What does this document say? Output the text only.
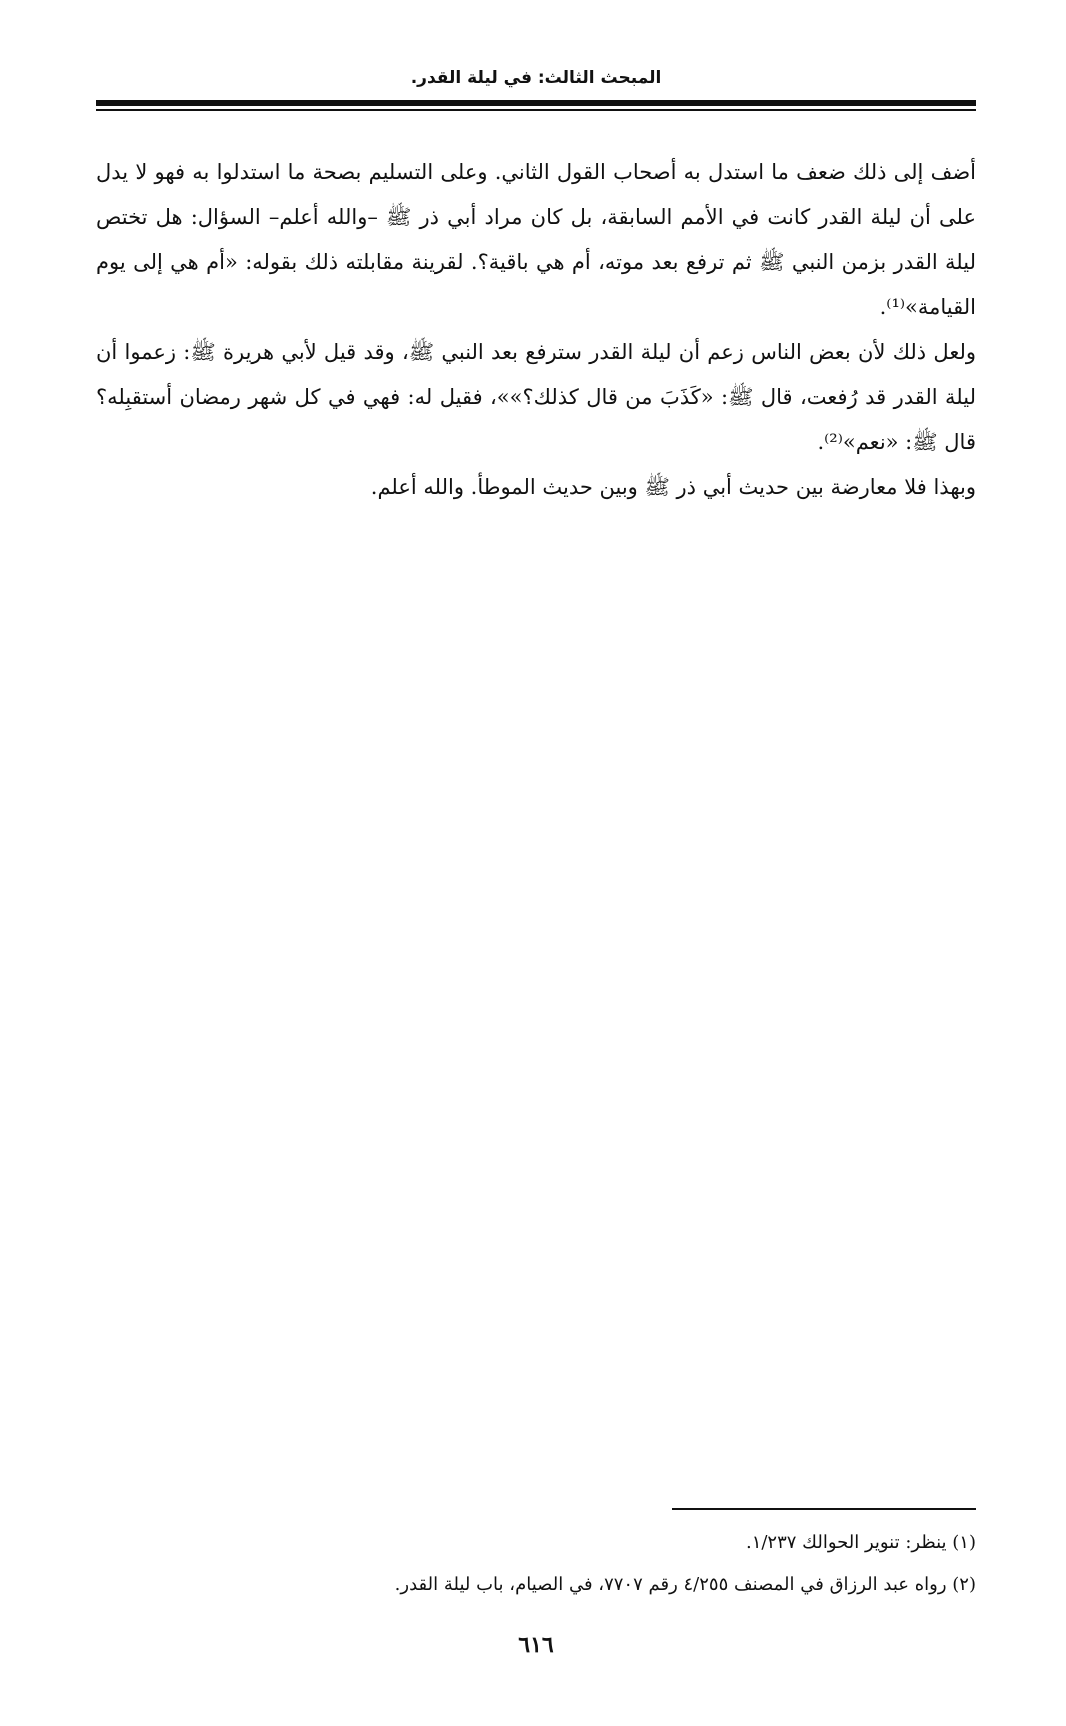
المبحث الثالث: في ليلة القدر.

أضف إلى ذلك ضعف ما استدل به أصحاب القول الثاني. وعلى التسليم بصحة ما استدلوا به فهو لا يدل على أن ليلة القدر كانت في الأمم السابقة، بل كان مراد أبي ذر ﷺ –والله أعلم– السؤال: هل تختص ليلة القدر بزمن النبي ﷺ ثم ترفع بعد موته، أم هي باقية؟. لقرينة مقابلته ذلك بقوله: «أم هي إلى يوم القيامة»⁽¹⁾.

ولعل ذلك لأن بعض الناس زعم أن ليلة القدر سترفع بعد النبي ﷺ، وقد قيل لأبي هريرة ﷺ: زعموا أن ليلة القدر قد رُفعت، قال ﷺ: «كَذَبَ من قال كذلك؟»»، فقيل له: فهي في كل شهر رمضان أستقبِله؟ قال ﷺ: «نعم»⁽²⁾.

وبهذا فلا معارضة بين حديث أبي ذر ﷺ وبين حديث الموطأ. والله أعلم.

(١) ينظر: تنوير الحوالك ١/٢٣٧.

(٢) رواه عبد الرزاق في المصنف ٤/٢٥٥ رقم ٧٧٠٧، في الصيام، باب ليلة القدر.

٦١٦
